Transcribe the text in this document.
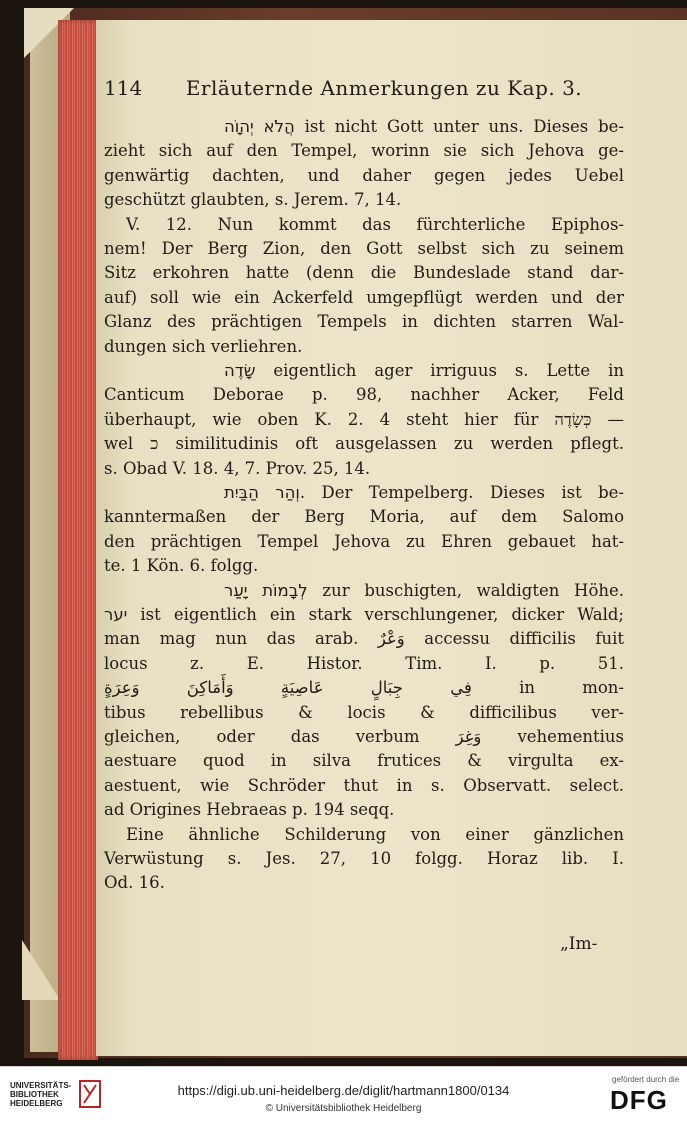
114	Erläuternde Anmerkungen zu Kap. 3.

הֲלֹא יְהוָֹה ist nicht Gott unter uns. Dieses be-

zieht sich auf den Tempel, worinn sie sich Jehova ge-

genwärtig dachten, und daher gegen jedes Uebel

geschützt glaubten, s. Jerem. 7, 14.

V. 12. Nun kommt das fürchterliche Epiphos-

nem! Der Berg Zion, den Gott selbst sich zu seinem

Sitz erkohren hatte (denn die Bundeslade stand dar-

auf) soll wie ein Ackerfeld umgepflügt werden und der

Glanz des prächtigen Tempels in dichten starren Wal-

dungen sich verliehren.

שָׂדֶה eigentlich ager irriguus s. Lette in

Canticum Deborae p. 98, nachher Acker, Feld

überhaupt, wie oben K. 2. 4 steht hier für כְּשָׂדֶה —

wel כ similitudinis oft ausgelassen zu werden pflegt.

s. Obad V. 18. 4, 7. Prov. 25, 14.

וְהַר הַבַּיִת. Der Tempelberg. Dieses ist be-

kanntermaßen der Berg Moria, auf dem Salomo

den prächtigen Tempel Jehova zu Ehren gebauet hat-

te. 1 Kön. 6. folgg.

לְבָמוֹת יָעַר zur buschigten, waldigten Höhe.

יער ist eigentlich ein stark verschlungener, dicker Wald;

man mag nun das arab. وَعْرٌ accessu difficilis fuit

locus z. E. Histor. Tim. I. p. 51.

فِي جِبَالٍ عَاصِيَةٍ وَأَمَاكِنَ وَعِرَةٍ in mon-

tibus rebellibus & locis & difficilibus ver-

gleichen, oder das verbum وَغِرَ vehementius

aestuare quod in silva frutices & virgulta ex-

aestuent, wie Schröder thut in s. Observatt. select.

ad Origines Hebraeas p. 194 seqq.

Eine ähnliche Schilderung von einer gänzlichen

Verwüstung s. Jes. 27, 10 folgg. Horaz lib. I.

Od. 16.

„Im-
UNIVERSITÄTS-
BIBLIOTHEK
HEIDELBERG
https://digi.ub.uni-heidelberg.de/diglit/hartmann1800/0134
© Universitätsbibliothek Heidelberg
gefördert durch die
DFG
